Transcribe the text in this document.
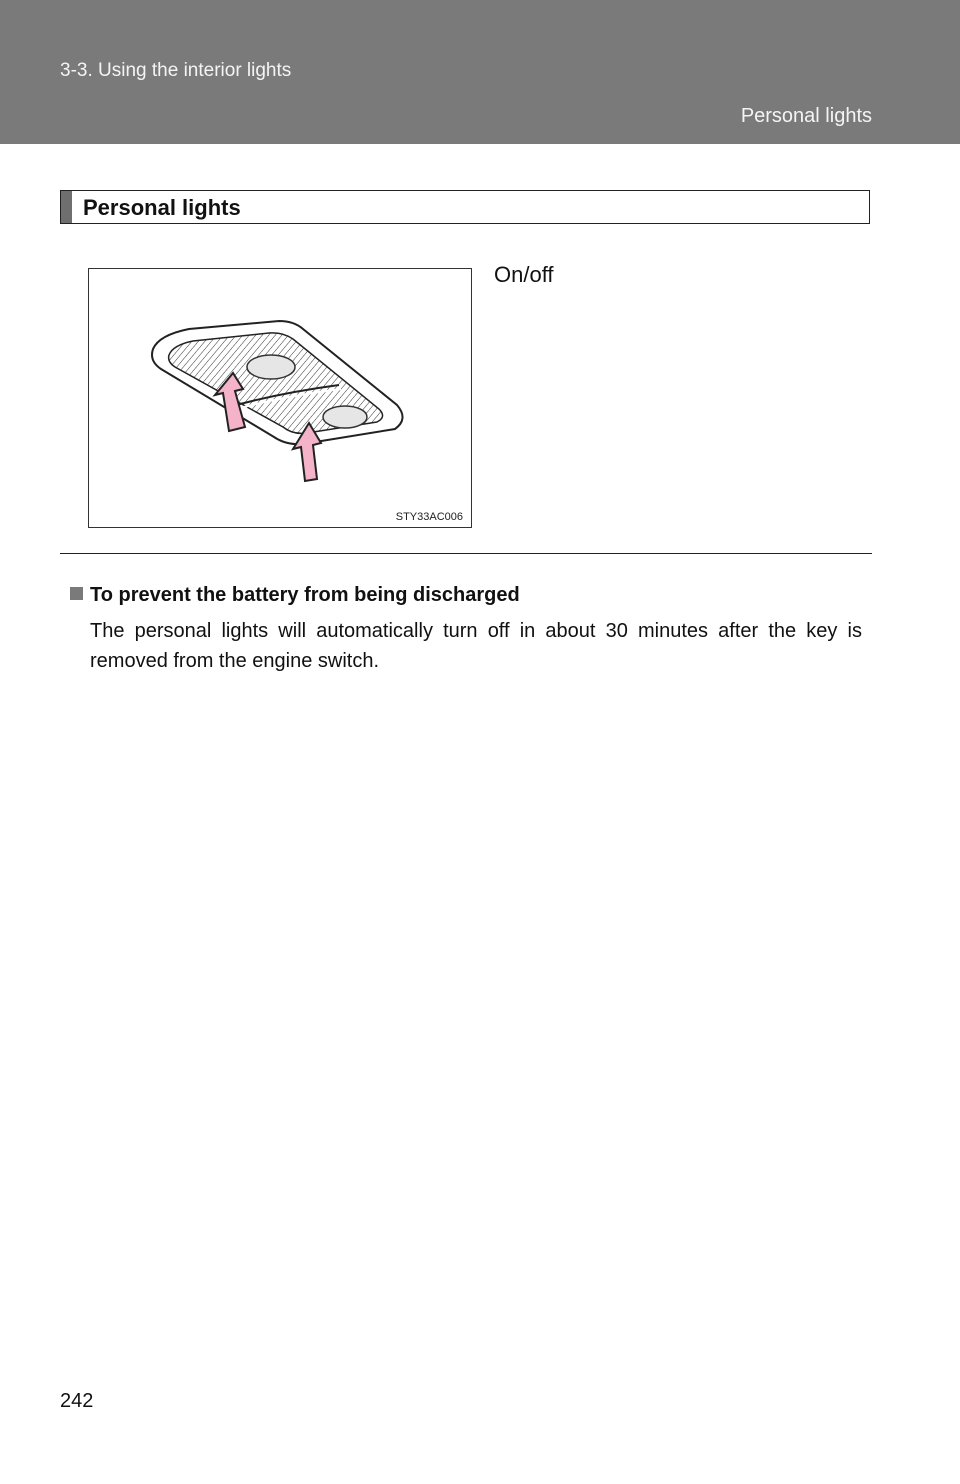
3-3. Using the interior lights
Personal lights
Personal lights
STY33AC006
On/off
To prevent the battery from being discharged
The personal lights will automatically turn off in about 30 minutes after the key is removed from the engine switch.
242
